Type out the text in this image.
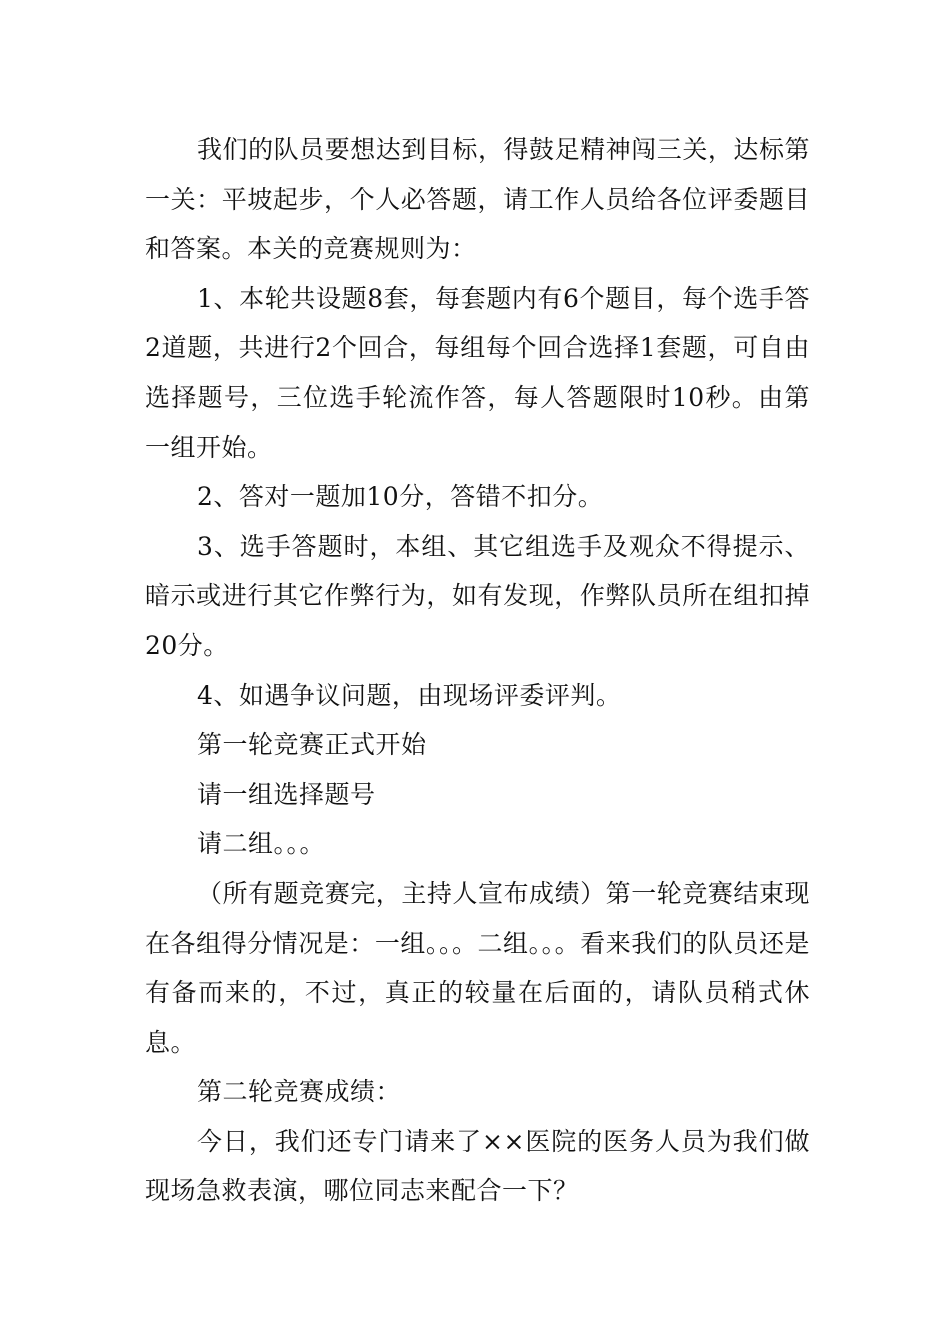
我们的队员要想达到目标，得鼓足精神闯三关，达标第一关：平坡起步，个人必答题，请工作人员给各位评委题目和答案。本关的竞赛规则为：

1、本轮共设题8套，每套题内有6个题目，每个选手答2道题，共进行2个回合，每组每个回合选择1套题，可自由选择题号，三位选手轮流作答，每人答题限时10秒。由第一组开始。

2、答对一题加10分，答错不扣分。

3、选手答题时，本组、其它组选手及观众不得提示、暗示或进行其它作弊行为，如有发现，作弊队员所在组扣掉20分。

4、如遇争议问题，由现场评委评判。

第一轮竞赛正式开始

请一组选择题号

请二组。。。

（所有题竞赛完，主持人宣布成绩）第一轮竞赛结束现在各组得分情况是：一组。。。二组。。。看来我们的队员还是有备而来的，不过，真正的较量在后面的，请队员稍式休息。

第二轮竞赛成绩：

今日，我们还专门请来了××医院的医务人员为我们做现场急救表演，哪位同志来配合一下？
